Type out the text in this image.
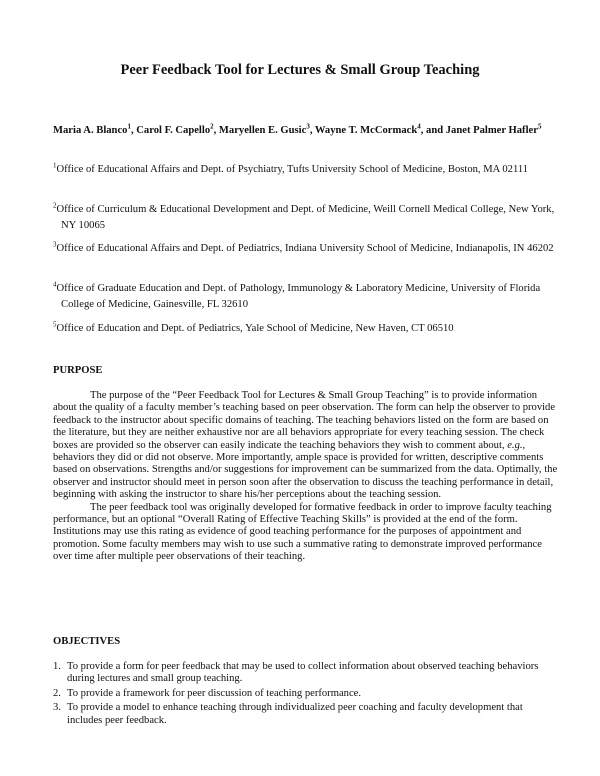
Peer Feedback Tool for Lectures & Small Group Teaching
Maria A. Blanco$^1$, Carol F. Capello$^2$, Maryellen E. Gusic$^3$, Wayne T. McCormack$^4$, and Janet Palmer Hafler$^5$
$^1$Office of Educational Affairs and Dept. of Psychiatry, Tufts University School of Medicine, Boston, MA 02111
$^2$Office of Curriculum & Educational Development and Dept. of Medicine, Weill Cornell Medical College, New York, NY 10065
$^3$Office of Educational Affairs and Dept. of Pediatrics, Indiana University School of Medicine, Indianapolis, IN 46202
$^4$Office of Graduate Education and Dept. of Pathology, Immunology & Laboratory Medicine, University of Florida College of Medicine, Gainesville, FL 32610
$^5$Office of Education and Dept. of Pediatrics, Yale School of Medicine, New Haven, CT 06510
PURPOSE

The purpose of the “Peer Feedback Tool for Lectures & Small Group Teaching” is to provide information about the quality of a faculty member’s teaching based on peer observation. The form can help the observer to provide feedback to the instructor about specific domains of teaching. The teaching behaviors listed on the form are based on the literature, but they are neither exhaustive nor are all behaviors appropriate for every teaching session. The check boxes are provided so the observer can easily indicate the teaching behaviors they wish to comment about, e.g., behaviors they did or did not observe. More importantly, ample space is provided for written, descriptive comments based on observations. Strengths and/or suggestions for improvement can be summarized from the data. Optimally, the observer and instructor should meet in person soon after the observation to discuss the teaching performance in detail, beginning with asking the instructor to share his/her perceptions about the teaching session.

The peer feedback tool was originally developed for formative feedback in order to improve faculty teaching performance, but an optional “Overall Rating of Effective Teaching Skills” is provided at the end of the form. Institutions may use this rating as evidence of good teaching performance for the purposes of appointment and promotion. Some faculty members may wish to use such a summative rating to demonstrate improved performance over time after multiple peer observations of their teaching.

OBJECTIVES
1. To provide a form for peer feedback that may be used to collect information about observed teaching behaviors during lectures and small group teaching.
2. To provide a framework for peer discussion of teaching performance.
3. To provide a model to enhance teaching through individualized peer coaching and faculty development that includes peer feedback.
